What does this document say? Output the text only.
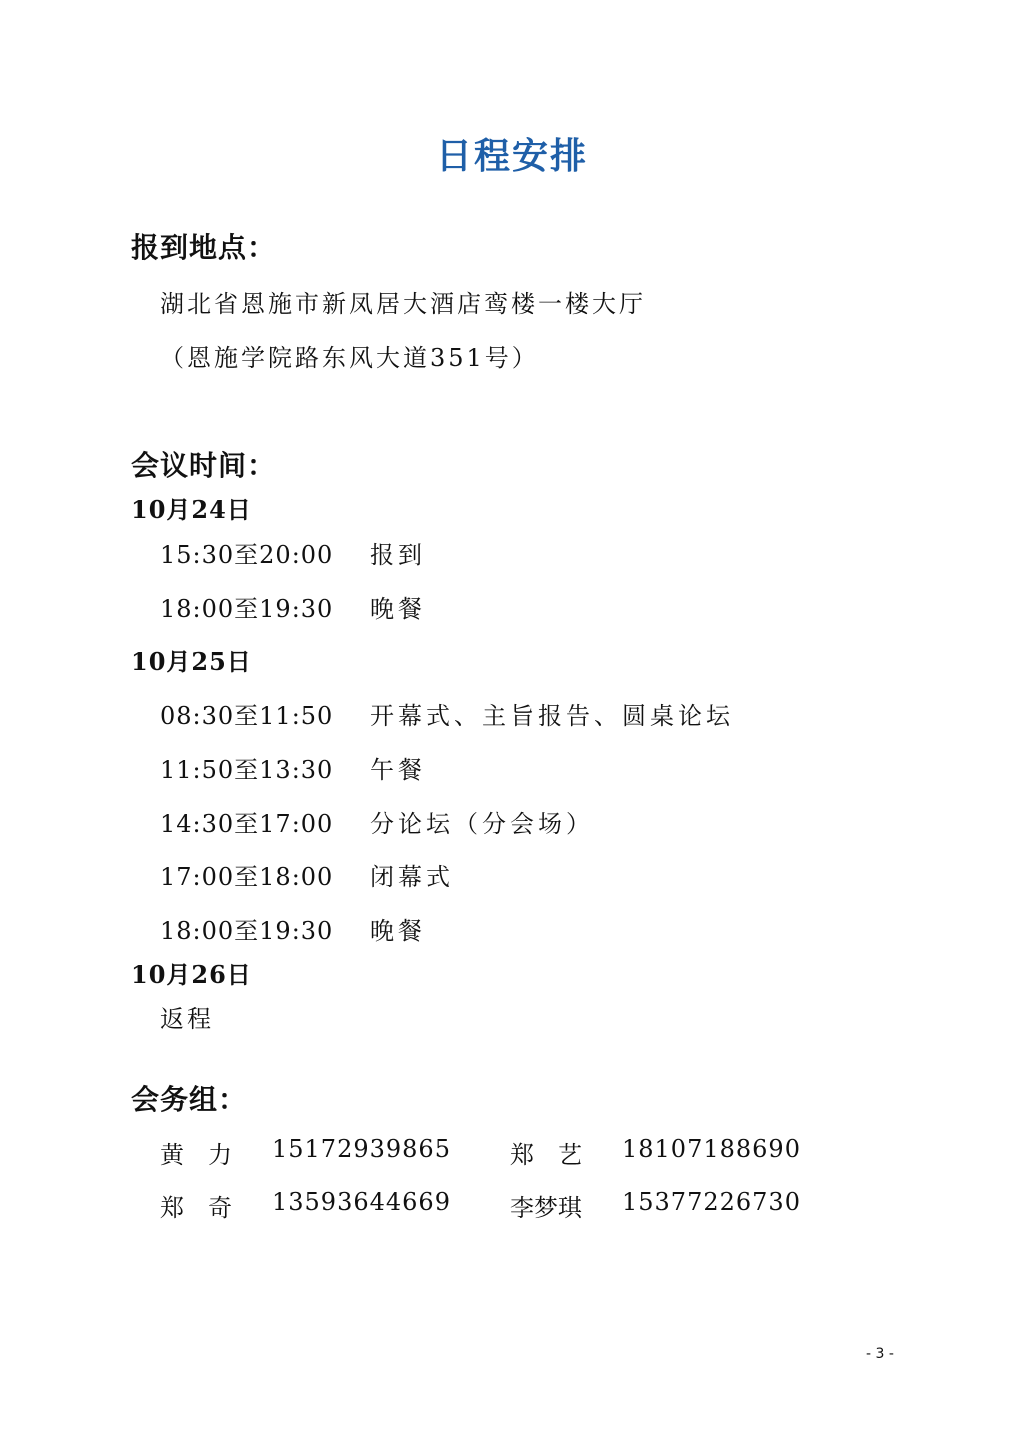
日程安排
报到地点：
湖北省恩施市新凤居大酒店鸾楼一楼大厅
（恩施学院路东风大道351号）
会议时间：
10月24日
15:30至20:00 报到
18:00至19:30 晚餐
10月25日
08:30至11:50 开幕式、主旨报告、圆桌论坛
11:50至13:30 午餐
14:30至17:00 分论坛（分会场）
17:00至18:00 闭幕式
18:00至19:30 晚餐
10月26日
返程
会务组：
黄　力 15172939865 郑　艺 18107188690
郑　奇 13593644669 李梦琪 15377226730
- 3 -
